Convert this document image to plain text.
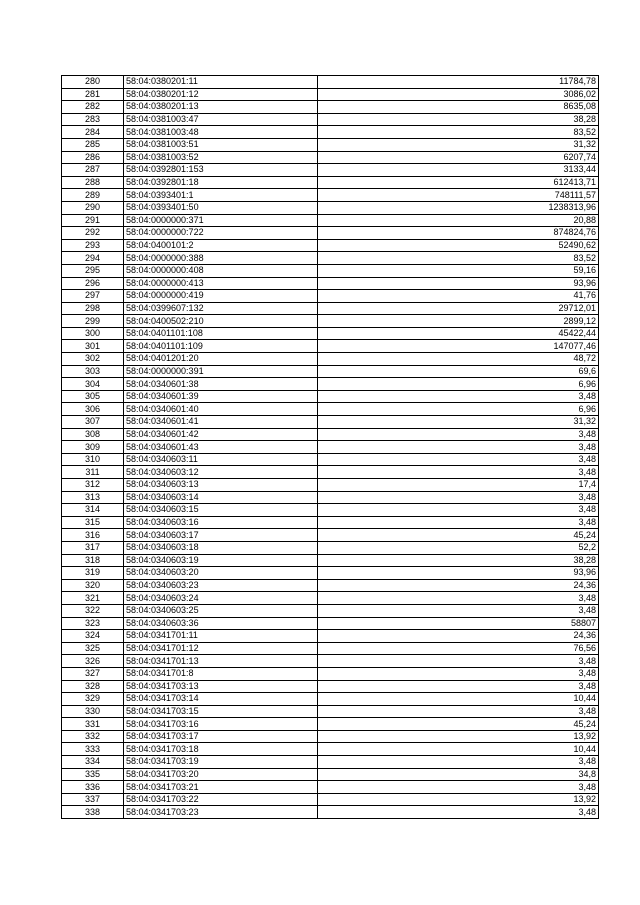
280	58:04:0380201:11	11784,78
281	58:04:0380201:12	3086,02
282	58:04:0380201:13	8635,08
283	58:04:0381003:47	38,28
284	58:04:0381003:48	83,52
285	58:04:0381003:51	31,32
286	58:04:0381003:52	6207,74
287	58:04:0392801:153	3133,44
288	58:04:0392801:18	612413,71
289	58:04:0393401:1	748111,57
290	58:04:0393401:50	1238313,96
291	58:04:0000000:371	20,88
292	58:04:0000000:722	874824,76
293	58:04:0400101:2	52490,62
294	58:04:0000000:388	83,52
295	58:04:0000000:408	59,16
296	58:04:0000000:413	93,96
297	58:04:0000000:419	41,76
298	58:04:0399607:132	29712,01
299	58:04:0400502:210	2899,12
300	58:04:0401101:108	45422,44
301	58:04:0401101:109	147077,46
302	58:04:0401201:20	48,72
303	58:04:0000000:391	69,6
304	58:04:0340601:38	6,96
305	58:04:0340601:39	3,48
306	58:04:0340601:40	6,96
307	58:04:0340601:41	31,32
308	58:04:0340601:42	3,48
309	58:04:0340601:43	3,48
310	58:04:0340603:11	3,48
311	58:04:0340603:12	3,48
312	58:04:0340603:13	17,4
313	58:04:0340603:14	3,48
314	58:04:0340603:15	3,48
315	58:04:0340603:16	3,48
316	58:04:0340603:17	45,24
317	58:04:0340603:18	52,2
318	58:04:0340603:19	38,28
319	58:04:0340603:20	93,96
320	58:04:0340603:23	24,36
321	58:04:0340603:24	3,48
322	58:04:0340603:25	3,48
323	58:04:0340603:36	58807
324	58:04:0341701:11	24,36
325	58:04:0341701:12	76,56
326	58:04:0341701:13	3,48
327	58:04:0341701:8	3,48
328	58:04:0341703:13	3,48
329	58:04:0341703:14	10,44
330	58:04:0341703:15	3,48
331	58:04:0341703:16	45,24
332	58:04:0341703:17	13,92
333	58:04:0341703:18	10,44
334	58:04:0341703:19	3,48
335	58:04:0341703:20	34,8
336	58:04:0341703:21	3,48
337	58:04:0341703:22	13,92
338	58:04:0341703:23	3,48
